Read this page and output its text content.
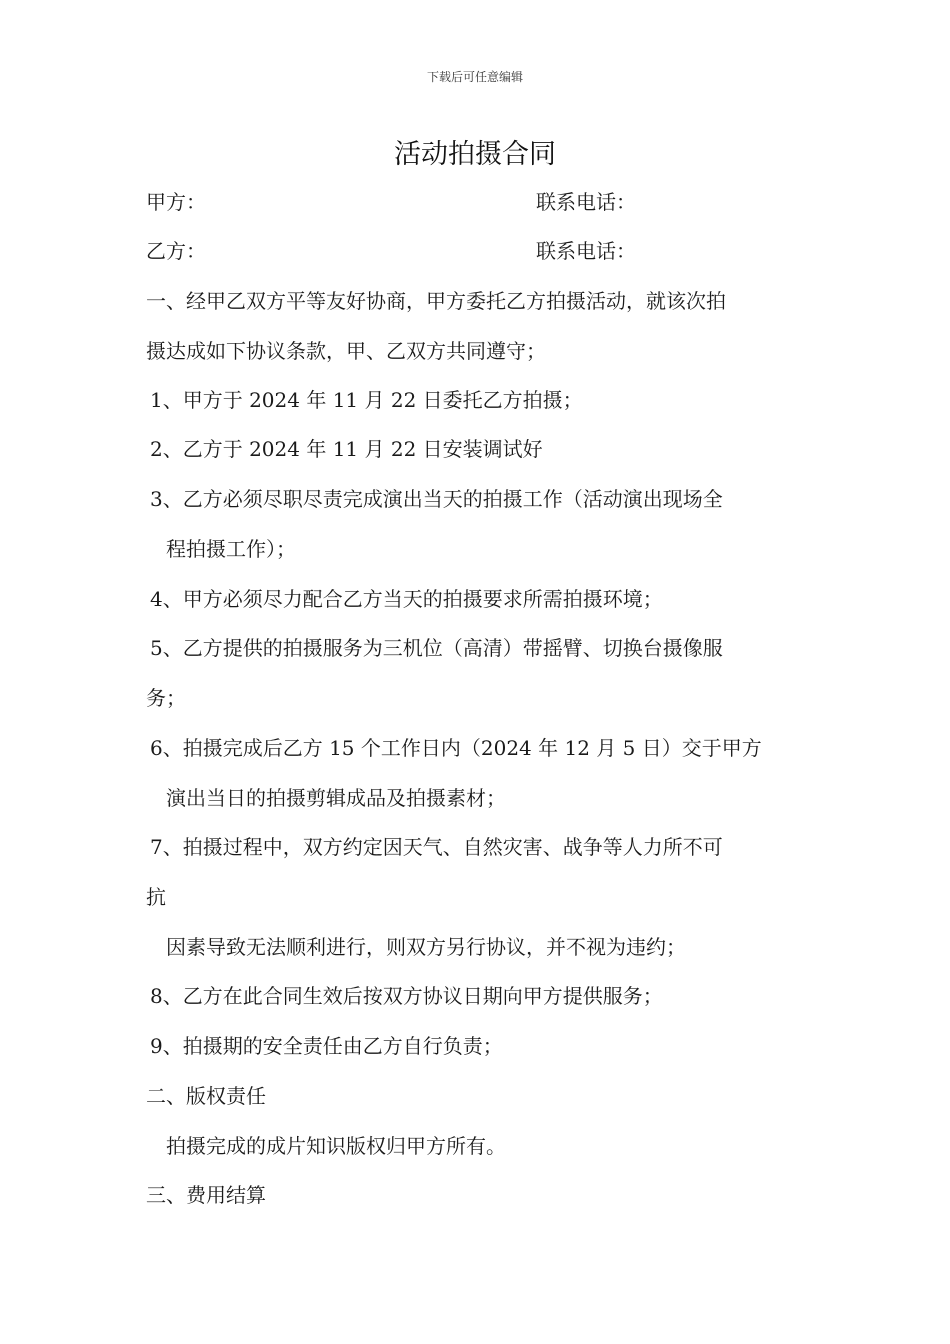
下载后可任意编辑
活动拍摄合同
甲方：	联系电话：
乙方：	联系电话：
一、经甲乙双方平等友好协商，甲方委托乙方拍摄活动，就该次拍
摄达成如下协议条款，甲、乙双方共同遵守；
1、甲方于 2024 年 11 月 22 日委托乙方拍摄；
2、乙方于 2024 年 11 月 22 日安装调试好
3、乙方必须尽职尽责完成演出当天的拍摄工作（活动演出现场全
程拍摄工作）；
4、甲方必须尽力配合乙方当天的拍摄要求所需拍摄环境；
5、乙方提供的拍摄服务为三机位（高清）带摇臂、切换台摄像服
务；
6、拍摄完成后乙方 15 个工作日内（2024 年 12 月 5 日）交于甲方
演出当日的拍摄剪辑成品及拍摄素材；
7、拍摄过程中，双方约定因天气、自然灾害、战争等人力所不可
抗
因素导致无法顺利进行，则双方另行协议，并不视为违约；
8、乙方在此合同生效后按双方协议日期向甲方提供服务；
9、拍摄期的安全责任由乙方自行负责；
二、版权责任
拍摄完成的成片知识版权归甲方所有。
三、费用结算
